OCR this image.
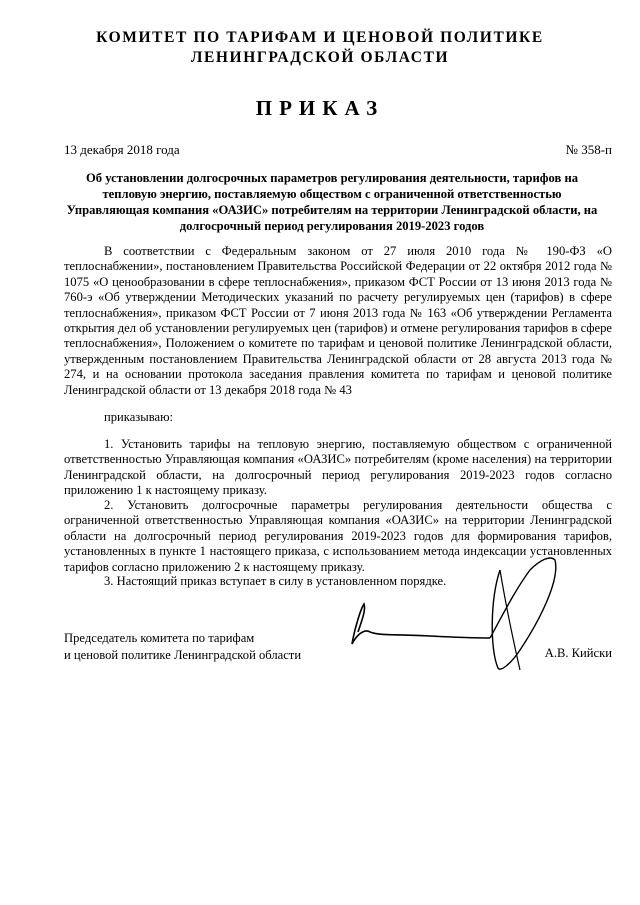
КОМИТЕТ ПО ТАРИФАМ И ЦЕНОВОЙ ПОЛИТИКЕ
ЛЕНИНГРАДСКОЙ ОБЛАСТИ
ПРИКАЗ
13 декабря 2018 года	№ 358-п
Об установлении долгосрочных параметров регулирования деятельности, тарифов на тепловую энергию, поставляемую обществом с ограниченной ответственностью Управляющая компания «ОАЗИС» потребителям на территории Ленинградской области, на долгосрочный период регулирования 2019-2023 годов

В соответствии с Федеральным законом от 27 июля 2010 года № 190-ФЗ «О теплоснабжении», постановлением Правительства Российской Федерации от 22 октября 2012 года № 1075 «О ценообразовании в сфере теплоснабжения», приказом ФСТ России от 13 июня 2013 года № 760-э «Об утверждении Методических указаний по расчету регулируемых цен (тарифов) в сфере теплоснабжения», приказом ФСТ России от 7 июня 2013 года № 163 «Об утверждении Регламента открытия дел об установлении регулируемых цен (тарифов) и отмене регулирования тарифов в сфере теплоснабжения», Положением о комитете по тарифам и ценовой политике Ленинградской области, утвержденным постановлением Правительства Ленинградской области от 28 августа 2013 года № 274, и на основании протокола заседания правления комитета по тарифам и ценовой политике Ленинградской области от 13 декабря 2018 года № 43

приказываю:

1. Установить тарифы на тепловую энергию, поставляемую обществом с ограниченной ответственностью Управляющая компания «ОАЗИС» потребителям (кроме населения) на территории Ленинградской области, на долгосрочный период регулирования 2019-2023 годов согласно приложению 1 к настоящему приказу.

2. Установить долгосрочные параметры регулирования деятельности общества с ограниченной ответственностью Управляющая компания «ОАЗИС» на территории Ленинградской области на долгосрочный период регулирования 2019-2023 годов для формирования тарифов, установленных в пункте 1 настоящего приказа, с использованием метода индексации установленных тарифов согласно приложению 2 к настоящему приказу.

3. Настоящий приказ вступает в силу в установленном порядке.

Председатель комитета по тарифам
и ценовой политике Ленинградской области	А.В. Кийски
